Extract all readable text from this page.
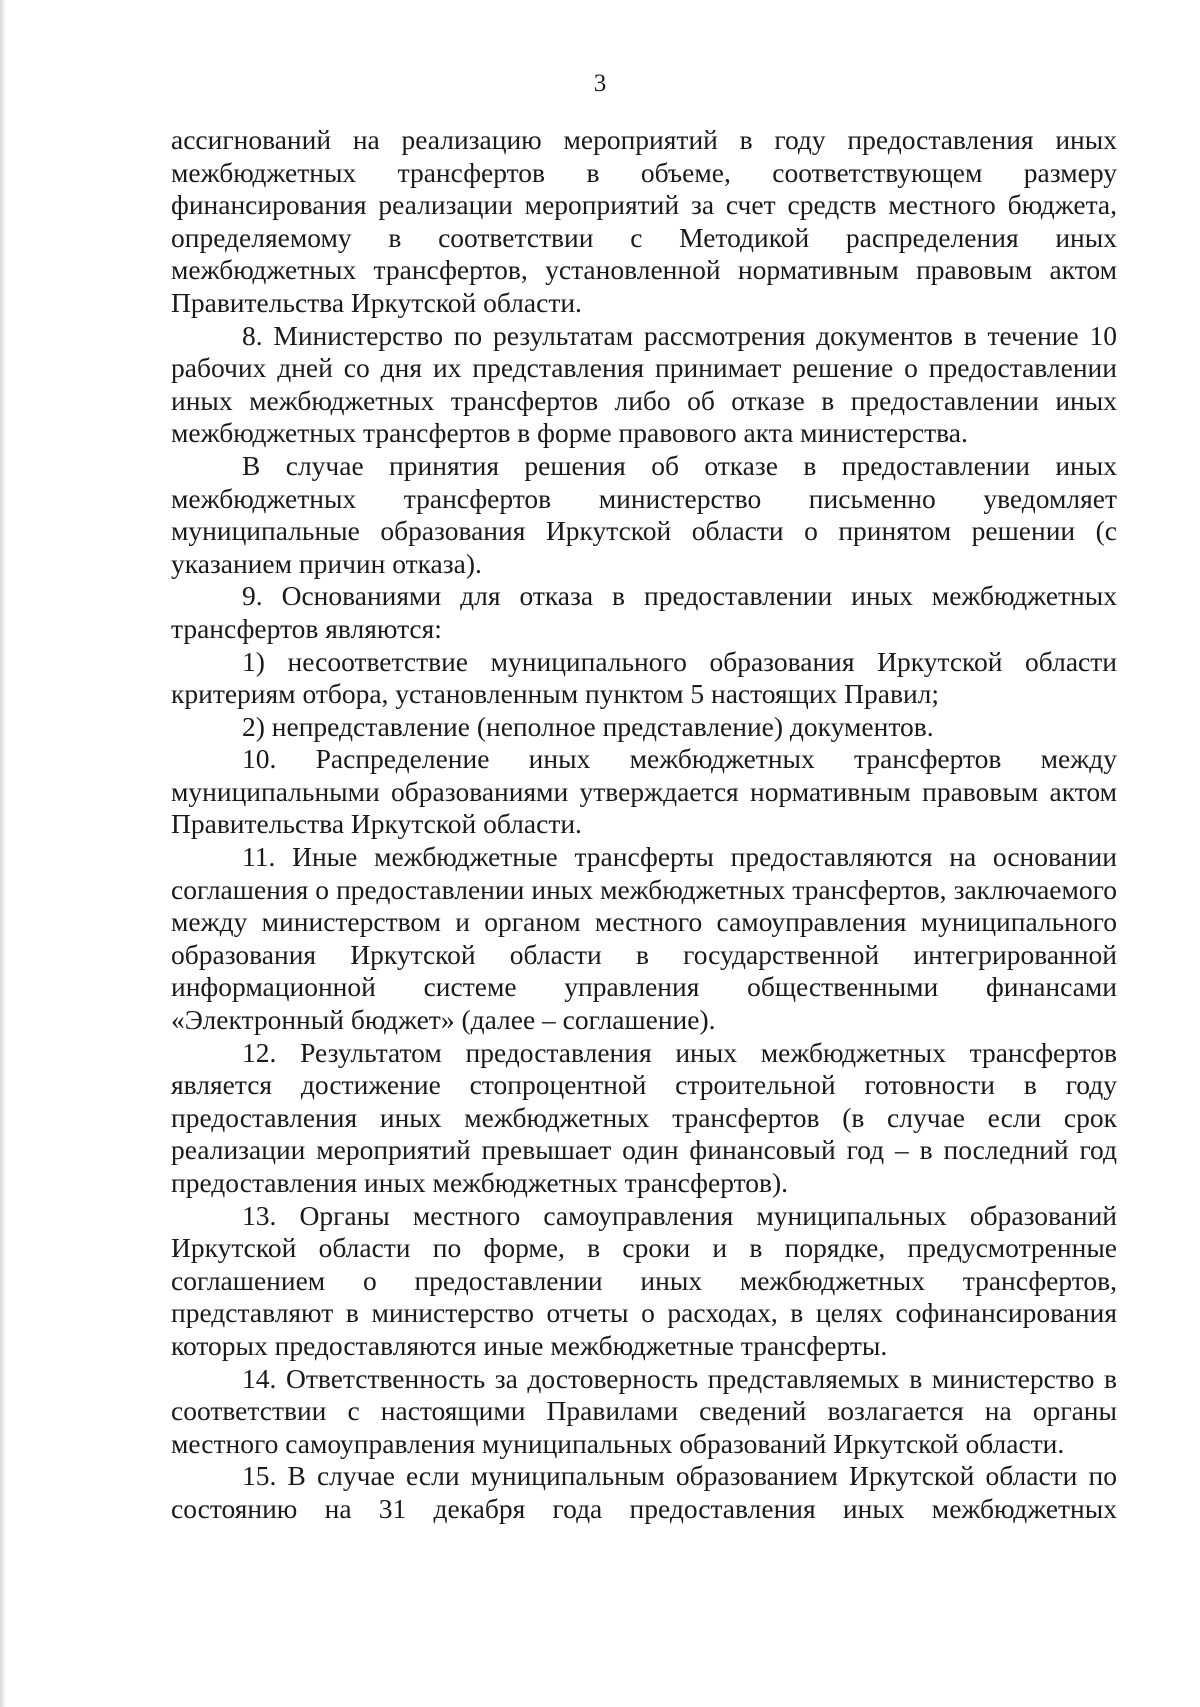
3

ассигнований на реализацию мероприятий в году предоставления иных межбюджетных трансфертов в объеме, соответствующем размеру финансирования реализации мероприятий за счет средств местного бюджета, определяемому в соответствии с Методикой распределения иных межбюджетных трансфертов, установленной нормативным правовым актом Правительства Иркутской области.

8. Министерство по результатам рассмотрения документов в течение 10 рабочих дней со дня их представления принимает решение о предоставлении иных межбюджетных трансфертов либо об отказе в предоставлении иных межбюджетных трансфертов в форме правового акта министерства.

В случае принятия решения об отказе в предоставлении иных межбюджетных трансфертов министерство письменно уведомляет муниципальные образования Иркутской области о принятом решении (с указанием причин отказа).

9. Основаниями для отказа в предоставлении иных межбюджетных трансфертов являются:

1) несоответствие муниципального образования Иркутской области критериям отбора, установленным пунктом 5 настоящих Правил;

2) непредставление (неполное представление) документов.

10. Распределение иных межбюджетных трансфертов между муниципальными образованиями утверждается нормативным правовым актом Правительства Иркутской области.

11. Иные межбюджетные трансферты предоставляются на основании соглашения о предоставлении иных межбюджетных трансфертов, заключаемого между министерством и органом местного самоуправления муниципального образования Иркутской области в государственной интегрированной информационной системе управления общественными финансами «Электронный бюджет» (далее – соглашение).

12. Результатом предоставления иных межбюджетных трансфертов является достижение стопроцентной строительной готовности в году предоставления иных межбюджетных трансфертов (в случае если срок реализации мероприятий превышает один финансовый год – в последний год предоставления иных межбюджетных трансфертов).

13. Органы местного самоуправления муниципальных образований Иркутской области по форме, в сроки и в порядке, предусмотренные соглашением о предоставлении иных межбюджетных трансфертов, представляют в министерство отчеты о расходах, в целях софинансирования которых предоставляются иные межбюджетные трансферты.

14. Ответственность за достоверность представляемых в министерство в соответствии с настоящими Правилами сведений возлагается на органы местного самоуправления муниципальных образований Иркутской области.

15. В случае если муниципальным образованием Иркутской области по состоянию на 31 декабря года предоставления иных межбюджетных
